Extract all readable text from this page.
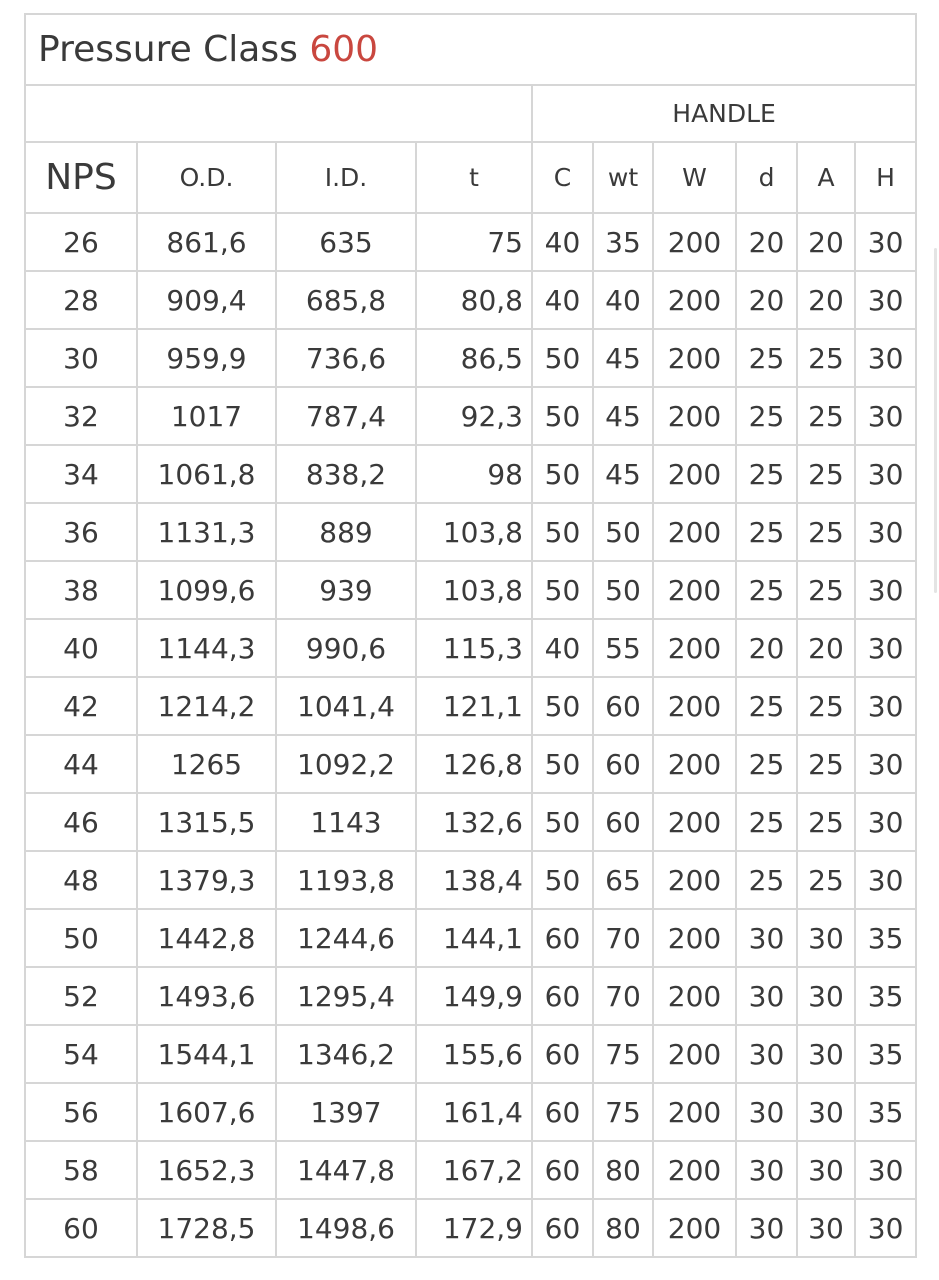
Pressure Class 600									
				HANDLE					
NPS	O.D.	I.D.	t	C	wt	W	d	A	H
26	861,6	635	75	40	35	200	20	20	30
28	909,4	685,8	80,8	40	40	200	20	20	30
30	959,9	736,6	86,5	50	45	200	25	25	30
32	1017	787,4	92,3	50	45	200	25	25	30
34	1061,8	838,2	98	50	45	200	25	25	30
36	1131,3	889	103,8	50	50	200	25	25	30
38	1099,6	939	103,8	50	50	200	25	25	30
40	1144,3	990,6	115,3	40	55	200	20	20	30
42	1214,2	1041,4	121,1	50	60	200	25	25	30
44	1265	1092,2	126,8	50	60	200	25	25	30
46	1315,5	1143	132,6	50	60	200	25	25	30
48	1379,3	1193,8	138,4	50	65	200	25	25	30
50	1442,8	1244,6	144,1	60	70	200	30	30	35
52	1493,6	1295,4	149,9	60	70	200	30	30	35
54	1544,1	1346,2	155,6	60	75	200	30	30	35
56	1607,6	1397	161,4	60	75	200	30	30	35
58	1652,3	1447,8	167,2	60	80	200	30	30	30
60	1728,5	1498,6	172,9	60	80	200	30	30	30
